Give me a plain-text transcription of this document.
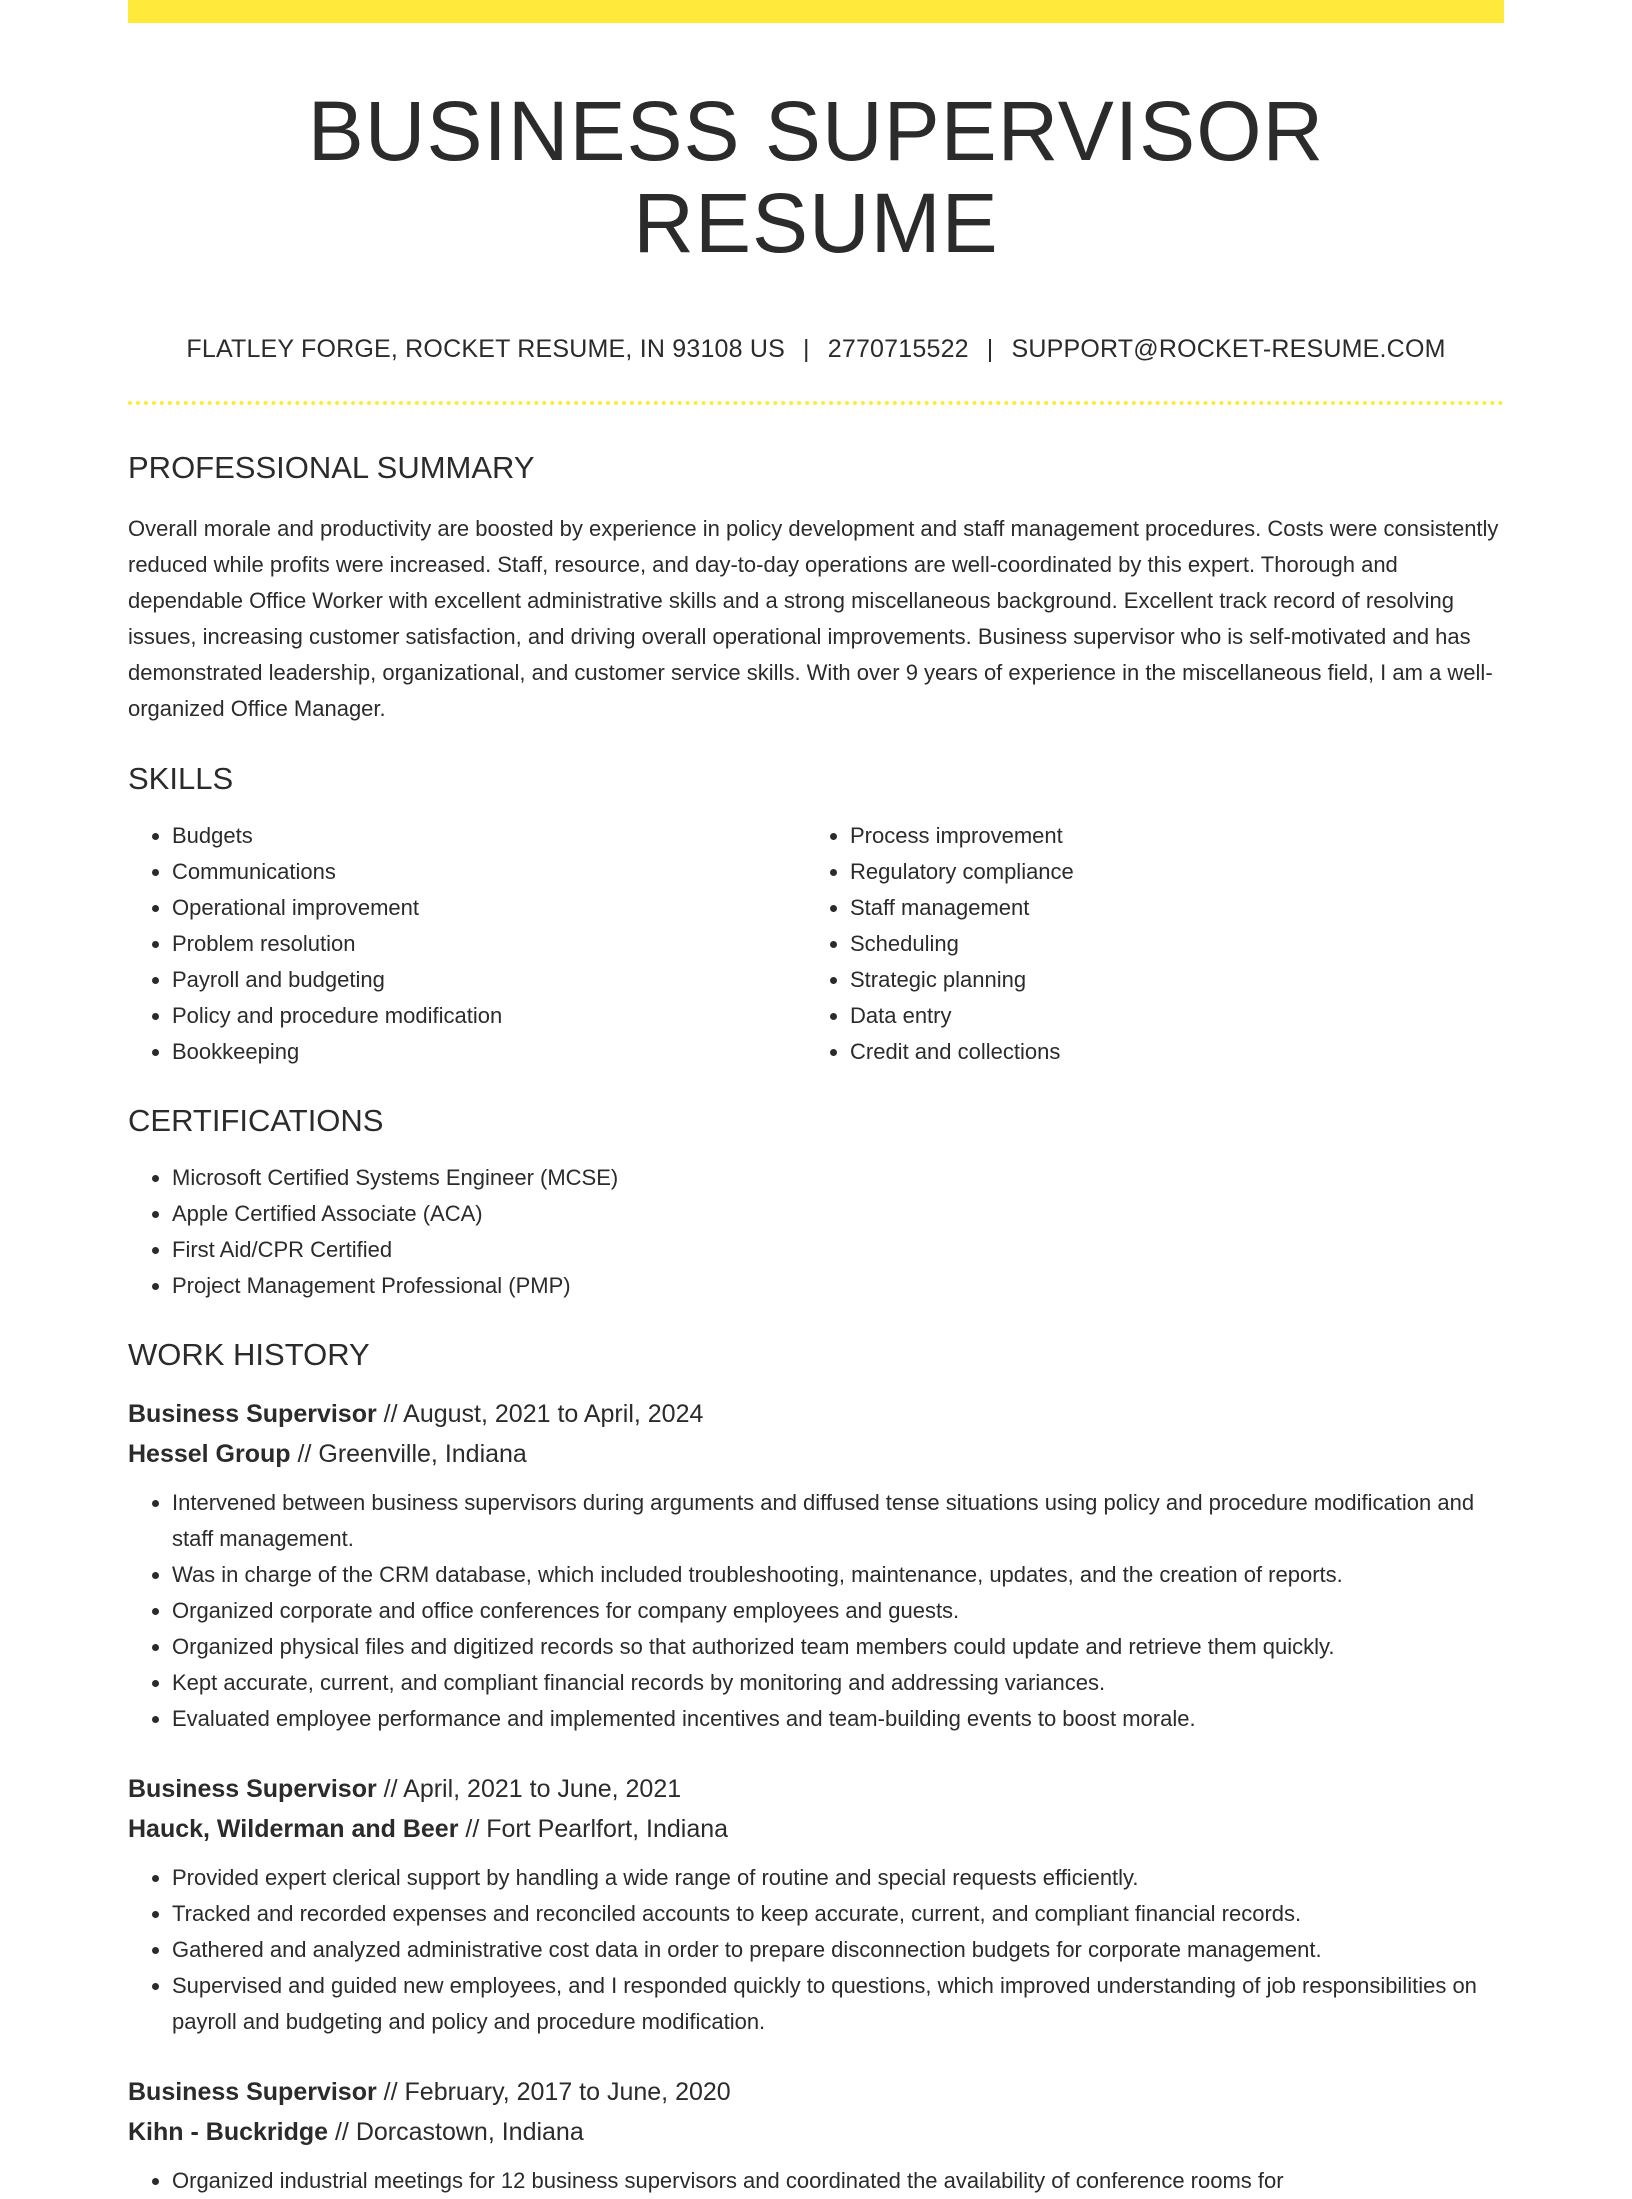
BUSINESS SUPERVISOR RESUME
FLATLEY FORGE, ROCKET RESUME, IN 93108 US | 2770715522 | SUPPORT@ROCKET-RESUME.COM
PROFESSIONAL SUMMARY

Overall morale and productivity are boosted by experience in policy development and staff management procedures. Costs were consistently reduced while profits were increased. Staff, resource, and day-to-day operations are well-coordinated by this expert. Thorough and dependable Office Worker with excellent administrative skills and a strong miscellaneous background. Excellent track record of resolving issues, increasing customer satisfaction, and driving overall operational improvements. Business supervisor who is self-motivated and has demonstrated leadership, organizational, and customer service skills. With over 9 years of experience in the miscellaneous field, I am a well-organized Office Manager.

SKILLS
• Budgets
• Communications
• Operational improvement
• Problem resolution
• Payroll and budgeting
• Policy and procedure modification
• Bookkeeping
• Process improvement
• Regulatory compliance
• Staff management
• Scheduling
• Strategic planning
• Data entry
• Credit and collections
CERTIFICATIONS
• Microsoft Certified Systems Engineer (MCSE)
• Apple Certified Associate (ACA)
• First Aid/CPR Certified
• Project Management Professional (PMP)
WORK HISTORY
Business Supervisor // August, 2021 to April, 2024
Hessel Group // Greenville, Indiana
• Intervened between business supervisors during arguments and diffused tense situations using policy and procedure modification and staff management.
• Was in charge of the CRM database, which included troubleshooting, maintenance, updates, and the creation of reports.
• Organized corporate and office conferences for company employees and guests.
• Organized physical files and digitized records so that authorized team members could update and retrieve them quickly.
• Kept accurate, current, and compliant financial records by monitoring and addressing variances.
• Evaluated employee performance and implemented incentives and team-building events to boost morale.
Business Supervisor // April, 2021 to June, 2021
Hauck, Wilderman and Beer // Fort Pearlfort, Indiana
• Provided expert clerical support by handling a wide range of routine and special requests efficiently.
• Tracked and recorded expenses and reconciled accounts to keep accurate, current, and compliant financial records.
• Gathered and analyzed administrative cost data in order to prepare disconnection budgets for corporate management.
• Supervised and guided new employees, and I responded quickly to questions, which improved understanding of job responsibilities on payroll and budgeting and policy and procedure modification.
Business Supervisor // February, 2017 to June, 2020
Kihn - Buckridge // Dorcastown, Indiana
• Organized industrial meetings for 12 business supervisors and coordinated the availability of conference rooms for
